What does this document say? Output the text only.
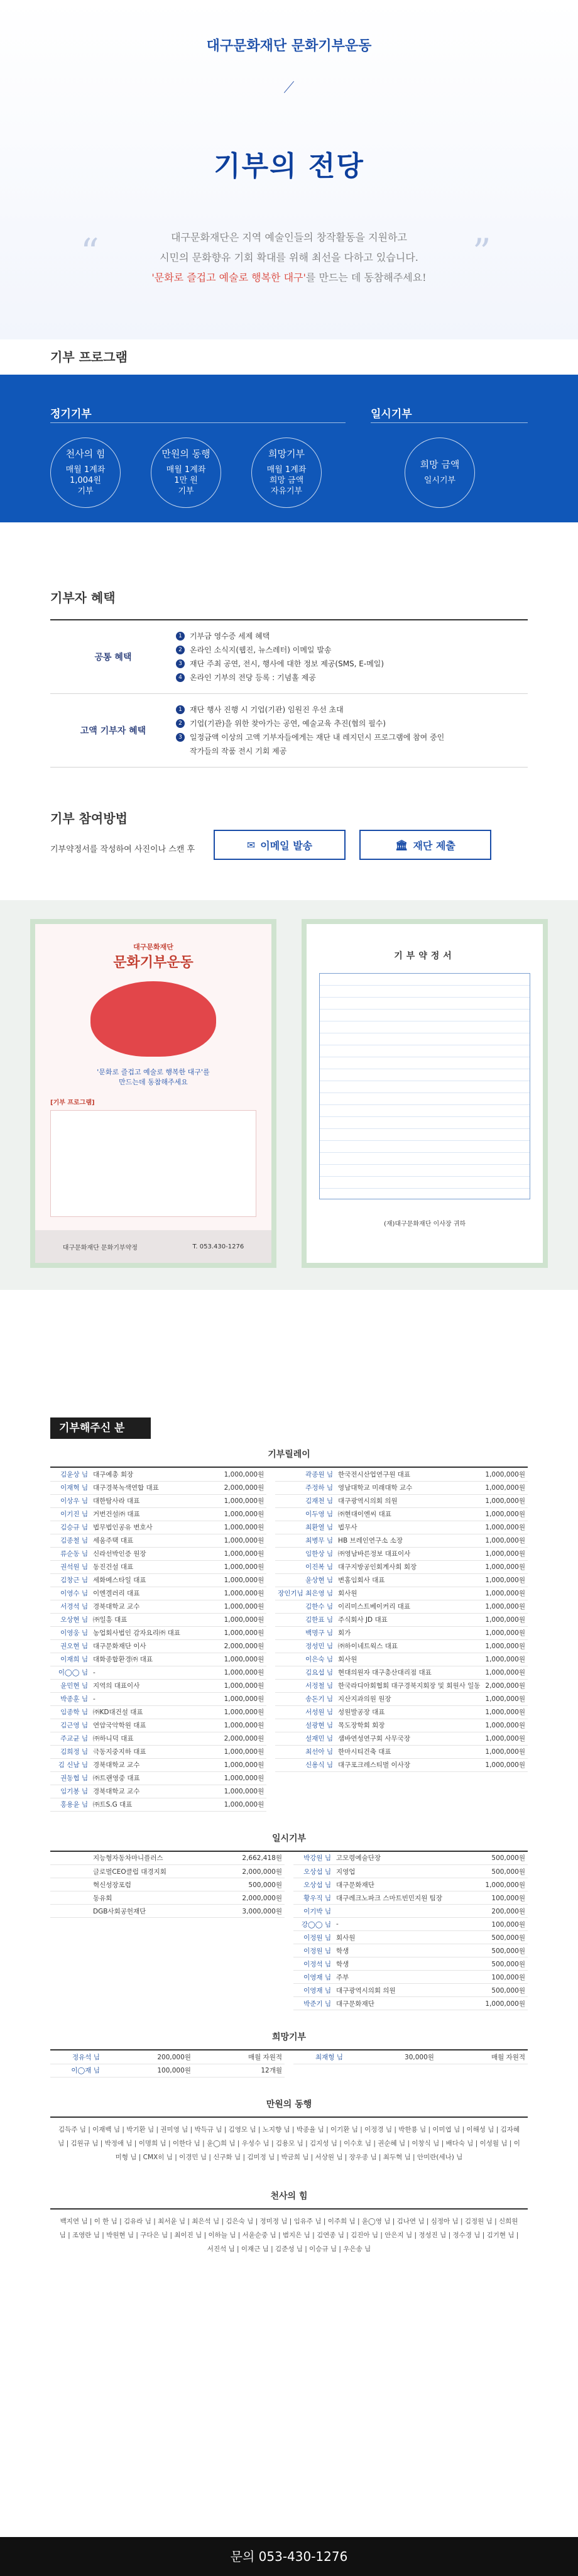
대구문화재단 문화기부운동
기부의 전당
“	”
대구문화재단은 지역 예술인들의 창작활동을 지원하고
시민의 문화향유 기회 확대를 위해 최선을 다하고 있습니다.
'문화로 즐겁고 예술로 행복한 대구'를 만드는 데 동참해주세요!
기부 프로그램
정기기부	일시기부
천사의 힘
매월 1계좌
1,004원
기부
만원의 동행
매월 1계좌
1만 원
기부
희망기부
매월 1계좌
희망 금액
자유기부
희망 금액
일시기부
기부자 혜택
공통 혜택
1	기부금 영수증 세제 혜택
2	온라인 소식지(웹진, 뉴스레터) 이메일 발송
3	재단 주최 공연, 전시, 행사에 대한 정보 제공(SMS, E-메일)
4	온라인 기부의 전당 등록 : 기념홀 제공
고액 기부자 혜택
1	재단 행사 진행 시 기업(기관) 임원진 우선 초대
2	기업(기관)을 위한 찾아가는 공연, 예술교육 추진(협의 필수)
3	일정금액 이상의 고액 기부자들에게는 재단 내 레지던시 프로그램에 참여 중인
작가들의 작품 전시 기회 제공
기부 참여방법
기부약정서를 작성하여 사진이나 스캔 후	✉ 이메일 발송	🏛 재단 제출
대구문화재단
문화기부운동
'문화로 즐겁고 예술로 행복한 대구'를
만드는데 동참해주세요
[기부 프로그램]
대구문화재단 문화기부약정	T. 053.430-1276
기부약정서
(재)대구문화재단 이사장 귀하
기부해주신 분
기부릴레이
김윤상 님	대구예총 회장	1,000,000원
이재혁 님	대구경북녹색연합 대표	2,000,000원
이상우 님	대한탐사라 대표	1,000,000원
이기진 님	거번건설㈜ 대표	1,000,000원
김승규 님	법무법인공유 변호사	1,000,000원
김종철 님	세움주택 대표	1,000,000원
류순동 님	신라선박인증 원장	1,000,000원
권석원 님	동진건설 대표	1,000,000원
김창근 님	세화메스타일 대표	1,000,000원
이영수 님	이엔겔러리 대표	1,000,000원
서경석 님	경북대학교 교수	1,000,000원
오상현 님	㈜일흥 대표	1,000,000원
이영웅 님	농업회사법인 감자요리㈜ 대표	1,000,000원
권오현 님	대구문화재단 이사	2,000,000원
이재희 님	대화종합환경㈜ 대표	1,000,000원
이◯◯ 님	-	1,000,000원
윤민현 님	지역의 대표이사	1,000,000원
박종훈 님	-	1,000,000원
임종학 님	㈜KD대건설 대표	1,000,000원
김근영 님	연암국악학원 대표	1,000,000원
주교균 님	㈜하니덕 대표	2,000,000원
김희정 님	극동지중지하 대표	1,000,000원
김 신남 님	경북대학교 교수	1,000,000원
권동협 님	㈜트랜영중 대표	1,000,000원
임기봉 님	경북대학교 교수	1,000,000원
홍용윤 님	㈜트S.G 대표	1,000,000원
곽종원 님	한국전시산업연구원 대표	1,000,000원
주정하 님	영남대학교 미래대학 교수	1,000,000원
김재천 님	대구광역시의회 의원	1,000,000원
이두영 님	㈜현대이엔씨 대표	1,000,000원
최환열 님	법무사	1,000,000원
최병무 님	HB 브레인연구소 소장	1,000,000원
임한상 님	㈜영남바른정보 대표이사	1,000,000원
이진복 님	대구지방공인회계사회 회장	1,000,000원
윤상현 님	변홈임회사 대표	1,000,000원
장인기님 최은영 님	회사원	1,000,000원
김한수 님	이리미스트베이커리 대표	1,000,000원
김한표 님	주식회사 JD 대표	1,000,000원
백명구 님	회가	1,000,000원
정성민 님	㈜하이네트웍스 대표	1,000,000원
이은숙 님	회사원	1,000,000원
김요섭 님	현대의원자 대구총산대리점 대표	1,000,000원
서정철 님	한국라디아회협회 대구경북지회장 및 회원사 일동	2,000,000원
송돈기 님	지산지과의원 원장	1,000,000원
서성원 님	성원발공장 대표	1,000,000원
설광현 님	목도장학회 회장	1,000,000원
설재민 님	샘바연성연구회 사무국장	1,000,000원
최선아 님	한마시티건축 대표	1,000,000원
신용식 님	대구포크레스티벌 이사장	1,000,000원
일시기부
	지능형자동차마니플러스	2,662,418원
	글로벌CEO클럽 대경지회	2,000,000원
	혁신성장포럼	500,000원
	동유회	2,000,000원
	DGB사회공헌재단	3,000,000원
박강원 님	고모령예술단장	500,000원
오상섭 님	지영업	500,000원
오상섭 님	대구문화재단	1,000,000원
황우직 님	대구레크노파크 스마트빈민지원 팀장	100,000원
이기박 님		200,000원
강◯◯ 님	-	100,000원
이정원 님	회사원	500,000원
이정원 님	학생	500,000원
이정석 님	학생	500,000원
이영재 님	주부	100,000원
이영재 님	대구광역시의회 의원	500,000원
박준기 님	대구문화재단	1,000,000원
희망기부
정유석 님	200,000원	매월 자원적
이◯재 님	100,000원	12개월
최재형 님	30,000원	매월 자원적
만원의 동행
김득주 님 | 이재백 님 | 박기환 님 | 권미영 님 | 박득규 님 | 김영모 님 | 노지향 님 | 박종율 님 | 이기환 님 | 이정경 님 | 박한룡 님 | 이미엽 님 | 이해성 님 | 김자혜 님 | 김원규 님 | 박정애 님 | 이명희 님 | 이한다 님 | 윤◯희 님 | 우성수 님 | 김용모 님 | 김지성 님 | 이수호 님 | 권순혜 님 | 이창식 님 | 배다숙 님 | 이성월 님 | 이미형 님 | CMX히 님 | 이경민 님 | 신구화 님 | 김미정 님 | 박금희 님 | 서상원 님 | 장우종 님 | 최두혁 님 | 안미란(세나) 님
천사의 힘
백지연 님 | 이 한 님 | 김유라 님 | 최서윤 님 | 최은석 님 | 김은숙 님 | 정미정 님 | 임유주 님 | 이주희 님 | 윤◯영 님 | 김나연 님 | 심정아 님 | 김정원 님 | 신희원 님 | 조영란 님 | 박원현 님 | 구다은 님 | 최이진 님 | 이하늘 님 | 서윤순중 님 | 범지은 님 | 김연종 님 | 김진아 님 | 안은지 님 | 정성진 님 | 정수경 님 | 김기현 님 | 서진석 님 | 이재근 님 | 김준성 님 | 이승규 님 | 우은송 님
문의 053-430-1276
